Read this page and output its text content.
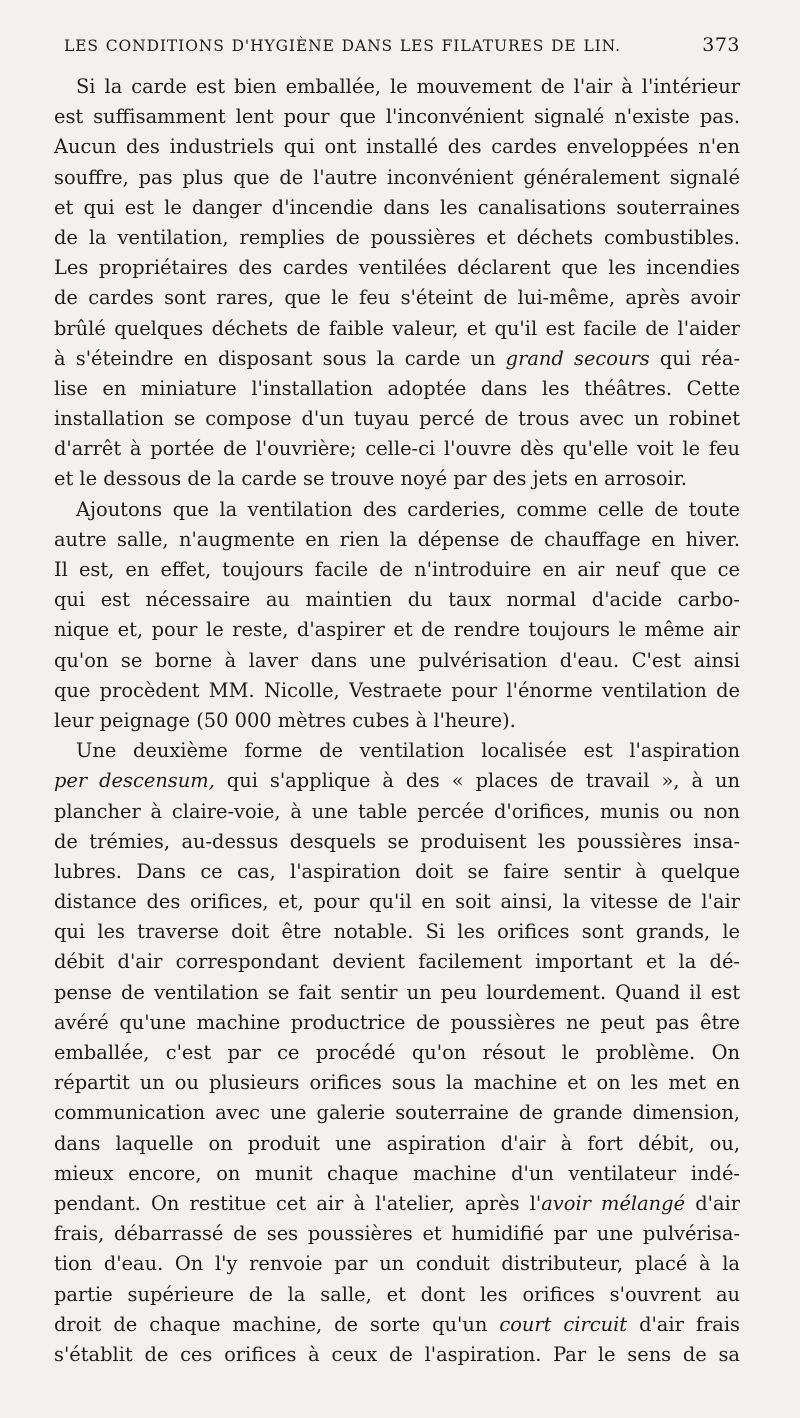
LES CONDITIONS D'HYGIÈNE DANS LES FILATURES DE LIN.	373
Si la carde est bien emballée, le mouvement de l'air à l'intérieur
est suffisamment lent pour que l'inconvénient signalé n'existe pas.
Aucun des industriels qui ont installé des cardes enveloppées n'en
souffre, pas plus que de l'autre inconvénient généralement signalé
et qui est le danger d'incendie dans les canalisations souterraines
de la ventilation, remplies de poussières et déchets combustibles.
Les propriétaires des cardes ventilées déclarent que les incendies
de cardes sont rares, que le feu s'éteint de lui-même, après avoir
brûlé quelques déchets de faible valeur, et qu'il est facile de l'aider
à s'éteindre en disposant sous la carde un grand secours qui réa-
lise en miniature l'installation adoptée dans les théâtres. Cette
installation se compose d'un tuyau percé de trous avec un robinet
d'arrêt à portée de l'ouvrière; celle-ci l'ouvre dès qu'elle voit le feu
et le dessous de la carde se trouve noyé par des jets en arrosoir.
Ajoutons que la ventilation des carderies, comme celle de toute
autre salle, n'augmente en rien la dépense de chauffage en hiver.
Il est, en effet, toujours facile de n'introduire en air neuf que ce
qui est nécessaire au maintien du taux normal d'acide carbo-
nique et, pour le reste, d'aspirer et de rendre toujours le même air
qu'on se borne à laver dans une pulvérisation d'eau. C'est ainsi
que procèdent MM. Nicolle, Vestraete pour l'énorme ventilation de
leur peignage (50 000 mètres cubes à l'heure).
Une deuxième forme de ventilation localisée est l'aspiration
per descensum, qui s'applique à des « places de travail », à un
plancher à claire-voie, à une table percée d'orifices, munis ou non
de trémies, au-dessus desquels se produisent les poussières insa-
lubres. Dans ce cas, l'aspiration doit se faire sentir à quelque
distance des orifices, et, pour qu'il en soit ainsi, la vitesse de l'air
qui les traverse doit être notable. Si les orifices sont grands, le
débit d'air correspondant devient facilement important et la dé-
pense de ventilation se fait sentir un peu lourdement. Quand il est
avéré qu'une machine productrice de poussières ne peut pas être
emballée, c'est par ce procédé qu'on résout le problème. On
répartit un ou plusieurs orifices sous la machine et on les met en
communication avec une galerie souterraine de grande dimension,
dans laquelle on produit une aspiration d'air à fort débit, ou,
mieux encore, on munit chaque machine d'un ventilateur indé-
pendant. On restitue cet air à l'atelier, après l'avoir mélangé d'air
frais, débarrassé de ses poussières et humidifié par une pulvérisa-
tion d'eau. On l'y renvoie par un conduit distributeur, placé à la
partie supérieure de la salle, et dont les orifices s'ouvrent au
droit de chaque machine, de sorte qu'un court circuit d'air frais
s'établit de ces orifices à ceux de l'aspiration. Par le sens de sa
